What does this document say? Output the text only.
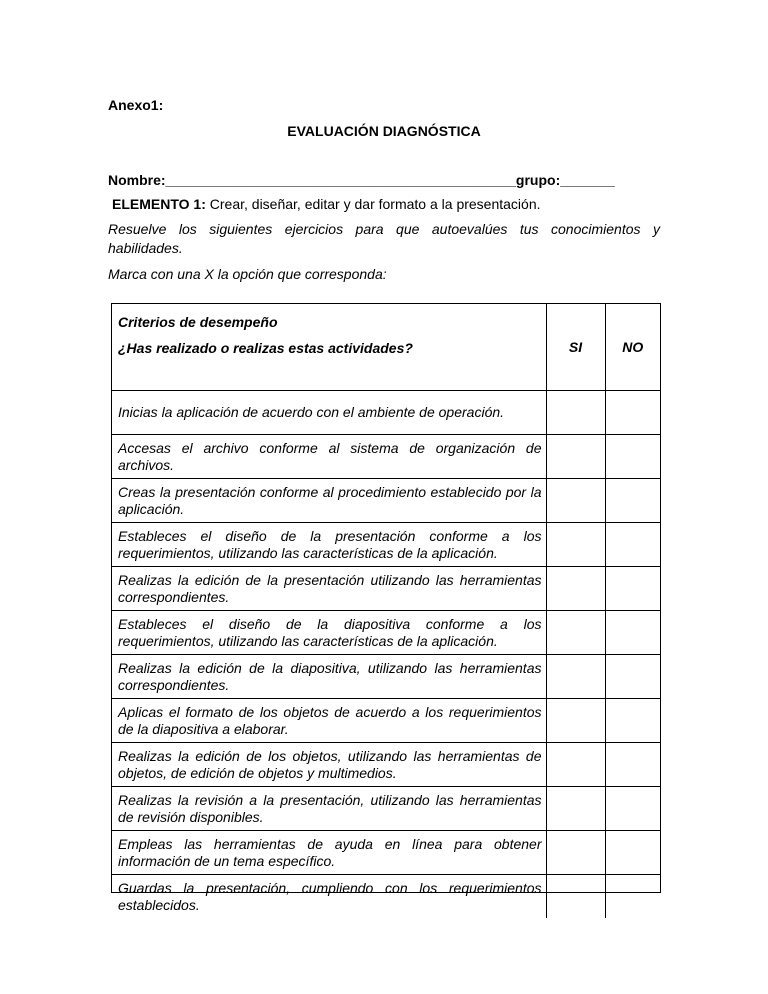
Anexo1:
EVALUACIÓN DIAGNÓSTICA
Nombre:_____________________________________________grupo:_______
ELEMENTO 1: Crear, diseñar, editar y dar formato a la presentación.
Resuelve los siguientes ejercicios para que autoevalúes tus conocimientos y habilidades.
Marca con una X la opción que corresponda:
Criterios de desempeño
¿Has realizado o realizas estas actividades?	SI	NO
Inicias la aplicación de acuerdo con el ambiente de operación.		
Accesas el archivo conforme al sistema de organización de archivos.		
Creas la presentación conforme al procedimiento establecido por la aplicación.		
Estableces el diseño de la presentación conforme a los requerimientos, utilizando las características de la aplicación.		
Realizas la edición de la presentación utilizando las herramientas correspondientes.		
Estableces el diseño de la diapositiva conforme a los requerimientos, utilizando las características de la aplicación.		
Realizas la edición de la diapositiva, utilizando las herramientas correspondientes.		
Aplicas el formato de los objetos de acuerdo a los requerimientos de la diapositiva a elaborar.		
Realizas la edición de los objetos, utilizando las herramientas de objetos, de edición de objetos y multimedios.		
Realizas la revisión a la presentación, utilizando las herramientas de revisión disponibles.		
Empleas las herramientas de ayuda en línea para obtener información de un tema específico.		
Guardas la presentación, cumpliendo con los requerimientos establecidos.		
